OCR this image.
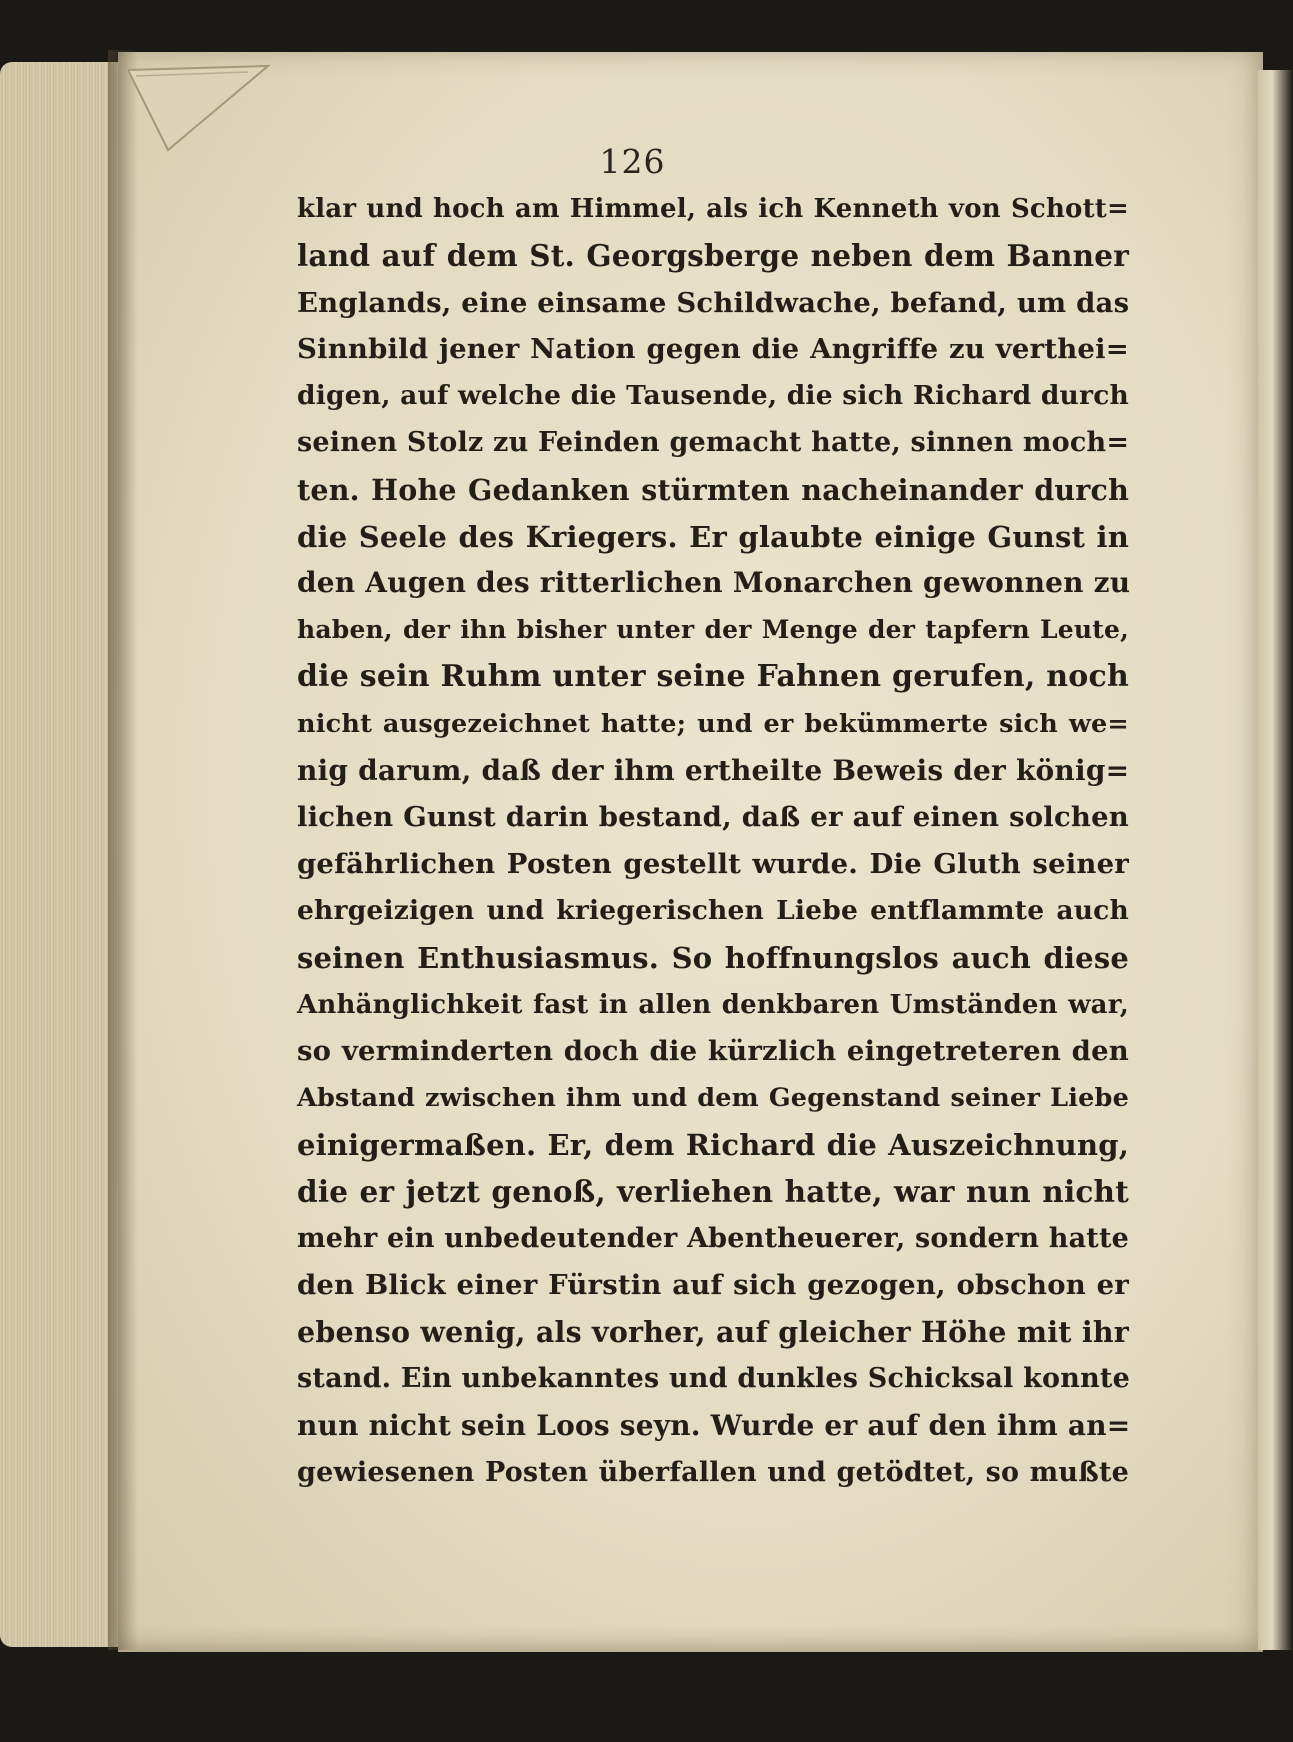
126
klar und hoch am Himmel, als ich Kenneth von Schott=
land auf dem St. Georgsberge neben dem Banner
Englands, eine einsame Schildwache, befand, um das
Sinnbild jener Nation gegen die Angriffe zu verthei=
digen, auf welche die Tausende, die sich Richard durch
seinen Stolz zu Feinden gemacht hatte, sinnen moch=
ten. Hohe Gedanken stürmten nacheinander durch
die Seele des Kriegers. Er glaubte einige Gunst in
den Augen des ritterlichen Monarchen gewonnen zu
haben, der ihn bisher unter der Menge der tapfern Leute,
die sein Ruhm unter seine Fahnen gerufen, noch
nicht ausgezeichnet hatte; und er bekümmerte sich we=
nig darum, daß der ihm ertheilte Beweis der könig=
lichen Gunst darin bestand, daß er auf einen solchen
gefährlichen Posten gestellt wurde. Die Gluth seiner
ehrgeizigen und kriegerischen Liebe entflammte auch
seinen Enthusiasmus. So hoffnungslos auch diese
Anhänglichkeit fast in allen denkbaren Umständen war,
so verminderten doch die kürzlich eingetreteren den
Abstand zwischen ihm und dem Gegenstand seiner Liebe
einigermaßen. Er, dem Richard die Auszeichnung,
die er jetzt genoß, verliehen hatte, war nun nicht
mehr ein unbedeutender Abentheuerer, sondern hatte
den Blick einer Fürstin auf sich gezogen, obschon er
ebenso wenig, als vorher, auf gleicher Höhe mit ihr
stand. Ein unbekanntes und dunkles Schicksal konnte
nun nicht sein Loos seyn. Wurde er auf den ihm an=
gewiesenen Posten überfallen und getödtet, so mußte
